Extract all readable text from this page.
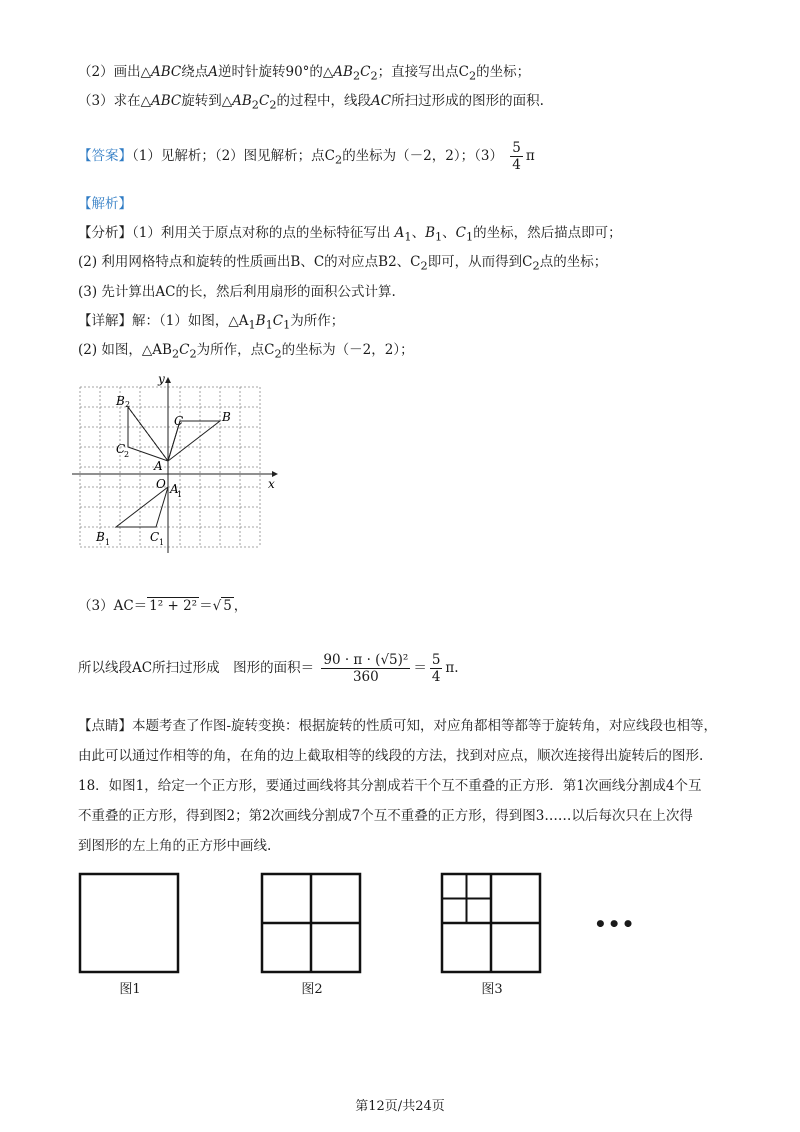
（2）画出△ABC绕点A逆时针旋转90°的$\triangle AB_2C_2$；直接写出点$C_2$的坐标；
（3）求在△ABC旋转到$\triangle AB_2C_2$的过程中，线段AC所扫过形成的图形的面积.
【答案】（1）见解析；（2）图见解析；点$C_2$的坐标为（－2，2）；$(3) \frac{5}{4}$ π
【解析】
【分析】（1）利用关于原点对称的点的坐标特征写出 $A_1$、$B_1$、$C_1$的坐标，然后描点即可；
(2) 利用网格特点和旋转的性质画出B、C的对应点B2、$C_2$即可，从而得到$C_2$点的坐标；
(3) 先计算出AC的长，然后利用扇形的面积公式计算.
【详解】解：（1）如图，$\triangle A_1B_1C_1$为所作；
(2) 如图，$\triangle AB_2C_2$为所作，点$C_2$的坐标为（－2，2）；
y
x
O
A
A
1
B
C
B 2
C
2
B 1	C 1
（3）AC＝ 1² + 2² ＝√ 5 ，
所以线段AC所扫过形成　图形的面积＝ $\frac{\text{90 · π · (√5)²}}{360} = \frac{5}{4} \pi$.
【点睛】本题考查了作图-旋转变换：根据旋转的性质可知，对应角都相等都等于旋转角，对应线段也相等，
由此可以通过作相等的角，在角的边上截取相等的线段的方法，找到对应点，顺次连接得出旋转后的图形.
18．如图1，给定一个正方形，要通过画线将其分割成若干个互不重叠的正方形．第1次画线分割成4个互
不重叠的正方形，得到图2；第2次画线分割成7个互不重叠的正方形，得到图3……以后每次只在上次得
到图形的左上角的正方形中画线.
图1	图2	图3
•••
第12页/共24页
